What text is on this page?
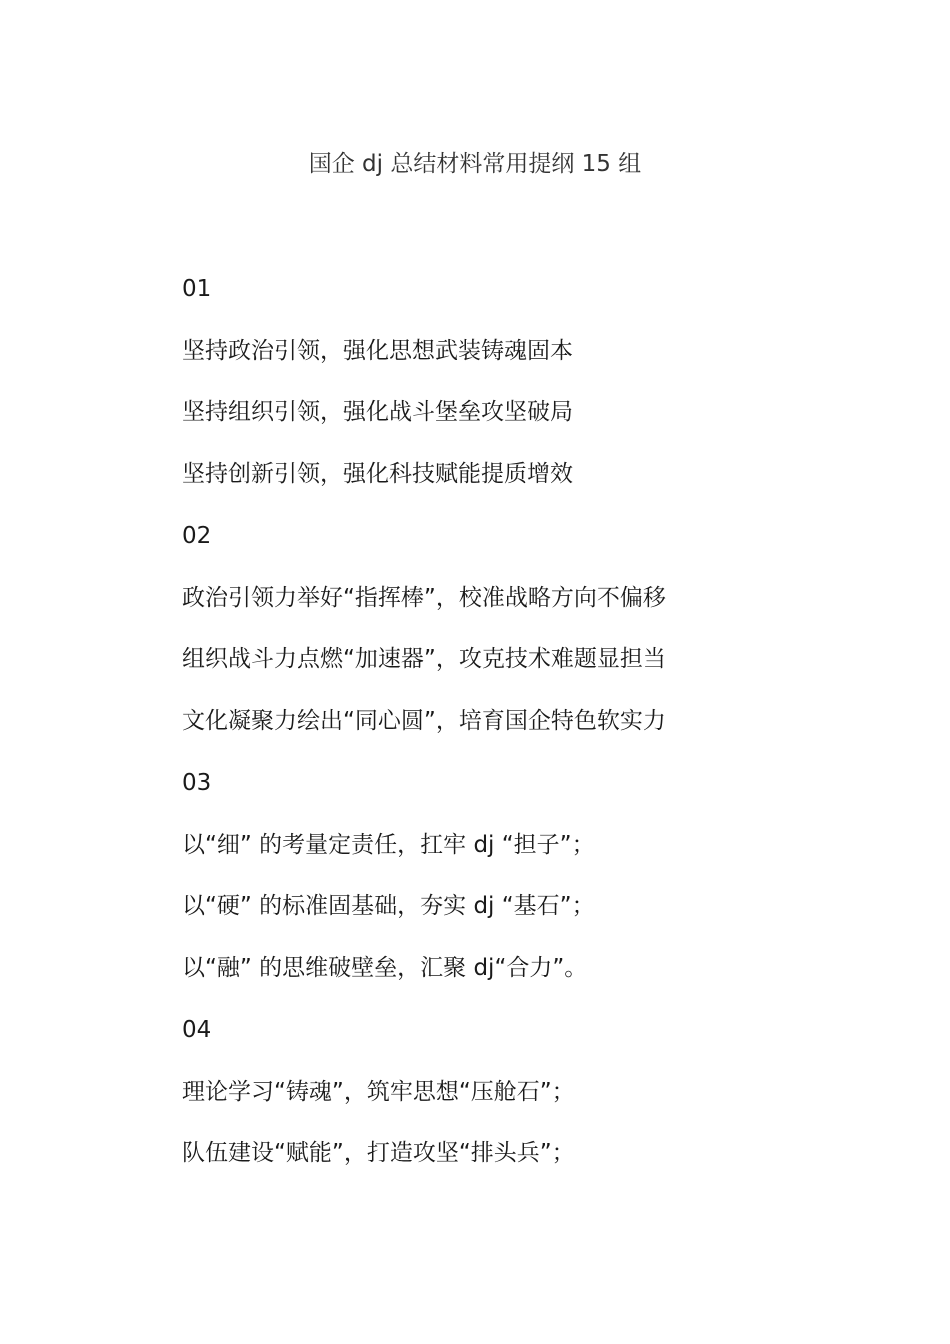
国企 dj 总结材料常用提纲 15 组
01
坚持政治引领，强化思想武装铸魂固本
坚持组织引领，强化战斗堡垒攻坚破局
坚持创新引领，强化科技赋能提质增效
02
政治引领力举好“指挥棒”，校准战略方向不偏移
组织战斗力点燃“加速器”，攻克技术难题显担当
文化凝聚力绘出“同心圆”，培育国企特色软实力
03
以“细” 的考量定责任，扛牢 dj “担子”；
以“硬” 的标准固基础，夯实 dj “基石”；
以“融” 的思维破壁垒，汇聚 dj“合力”。
04
理论学习“铸魂”，筑牢思想“压舱石”；
队伍建设“赋能”，打造攻坚“排头兵”；
